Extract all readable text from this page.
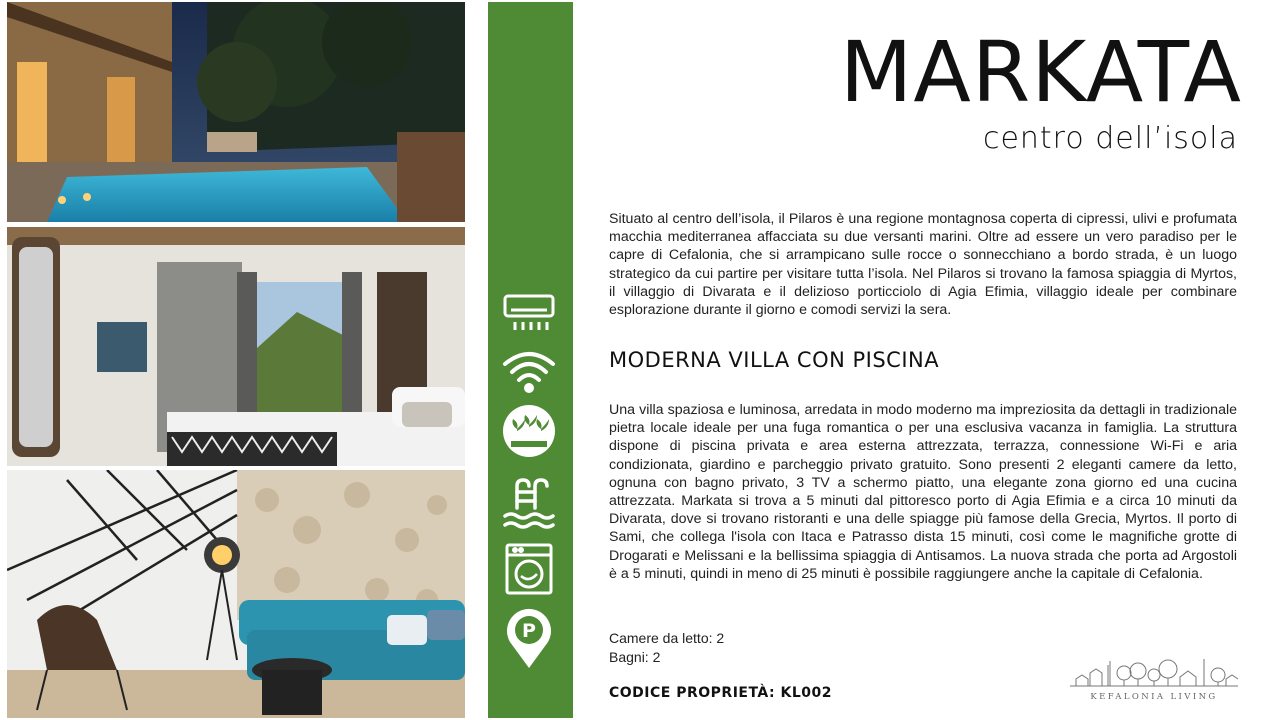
P
MARKATA
centro dell’isola

Situato al centro dell’isola, il Pilaros è una regione montagnosa coperta di cipressi, ulivi e profumata macchia mediterranea affacciata su due versanti marini. Oltre ad essere un vero paradiso per le capre di Cefalonia, che si arrampicano sulle rocce o sonnecchiano a bordo strada, è un luogo strategico da cui partire per visitare tutta l’isola. Nel Pilaros si trovano la famosa spiaggia di Myrtos, il villaggio di Divarata e il delizioso porticciolo di Agia Efimia, villaggio ideale per combinare esplorazione durante il giorno e comodi servizi la sera.

MODERNA VILLA CON PISCINA

Una villa spaziosa e luminosa, arredata in modo moderno ma impreziosita da dettagli in tradizionale pietra locale ideale per una fuga romantica o per una esclusiva vacanza in famiglia. La struttura dispone di piscina privata e area esterna attrezzata, terrazza, connessione Wi-Fi e aria condizionata, giardino e parcheggio privato gratuito. Sono presenti 2 eleganti camere da letto, ognuna con bagno privato, 3 TV a schermo piatto, una elegante zona giorno ed una cucina attrezzata. Markata si trova a 5 minuti dal pittoresco porto di Agia Efimia e a circa 10 minuti da Divarata, dove si trovano ristoranti e una delle spiagge più famose della Grecia, Myrtos. Il porto di Sami, che collega l'isola con Itaca e Patrasso dista 15 minuti, così come le magnifiche grotte di Drogarati e Melissani e la bellissima spiaggia di Antisamos. La nuova strada che porta ad Argostoli è a 5 minuti, quindi in meno di 25 minuti è possibile raggiungere anche la capitale di Cefalonia.

Camere da letto: 2
Bagni: 2
CODICE PROPRIETÀ: KL002	KEFALONIA LIVING
